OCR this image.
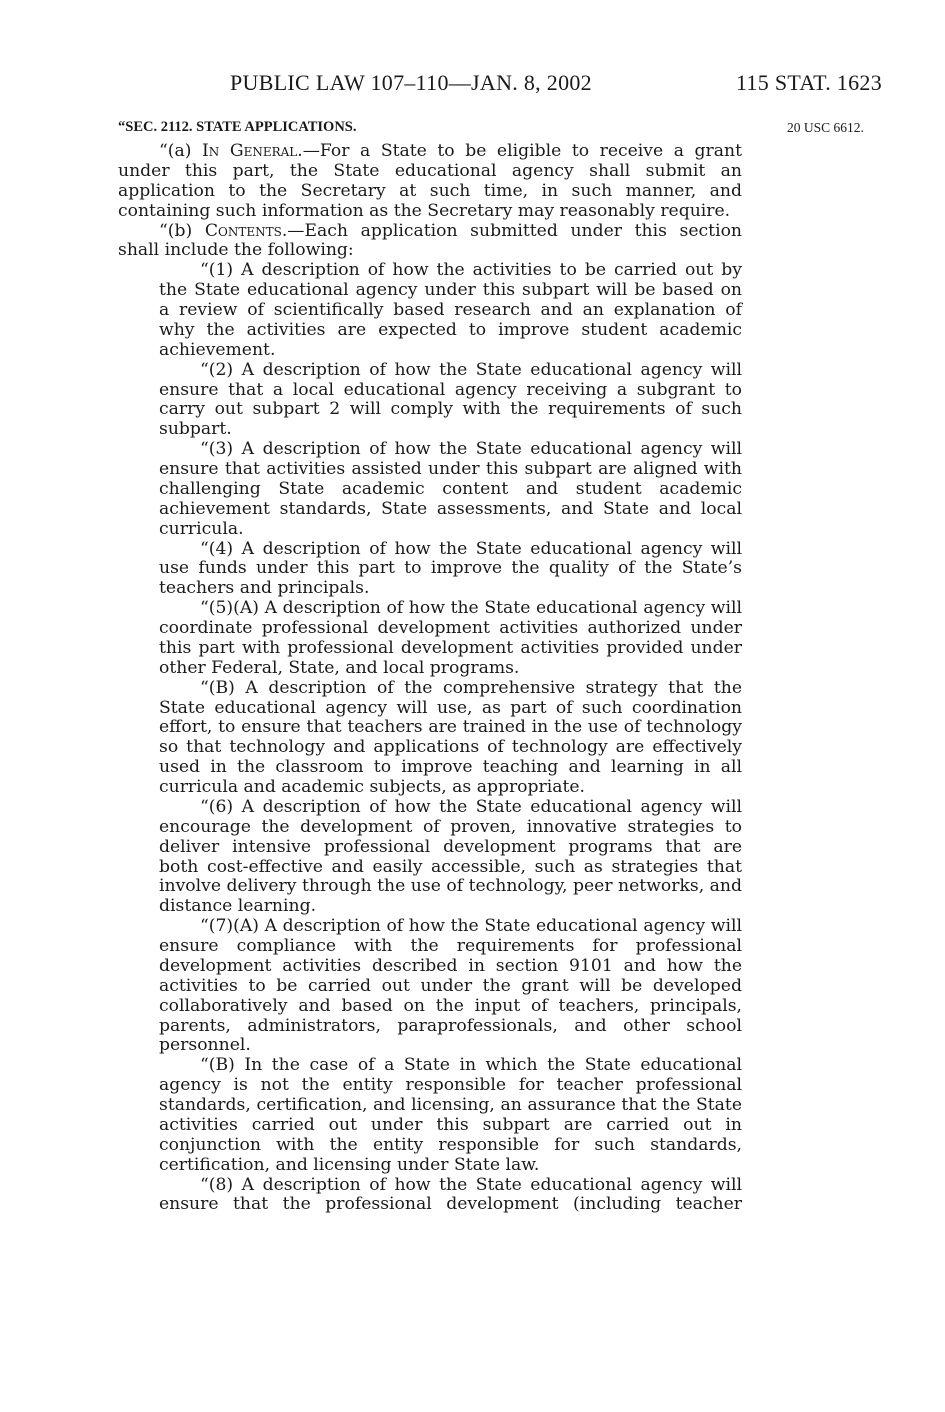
PUBLIC LAW 107–110—JAN. 8, 2002	115 STAT. 1623
“SEC. 2112. STATE APPLICATIONS.	20 USC 6612.

“(a) In General.—For a State to be eligible to receive a grant under this part, the State educational agency shall submit an application to the Secretary at such time, in such manner, and containing such information as the Secretary may reasonably require.

“(b) Contents.—Each application submitted under this section shall include the following:

“(1) A description of how the activities to be carried out by the State educational agency under this subpart will be based on a review of scientifically based research and an explanation of why the activities are expected to improve student academic achievement.

“(2) A description of how the State educational agency will ensure that a local educational agency receiving a subgrant to carry out subpart 2 will comply with the requirements of such subpart.

“(3) A description of how the State educational agency will ensure that activities assisted under this subpart are aligned with challenging State academic content and student academic achievement standards, State assessments, and State and local curricula.

“(4) A description of how the State educational agency will use funds under this part to improve the quality of the State’s teachers and principals.

“(5)(A) A description of how the State educational agency will coordinate professional development activities authorized under this part with professional development activities provided under other Federal, State, and local programs.

“(B) A description of the comprehensive strategy that the State educational agency will use, as part of such coordination effort, to ensure that teachers are trained in the use of technology so that technology and applications of technology are effectively used in the classroom to improve teaching and learning in all curricula and academic subjects, as appropriate.

“(6) A description of how the State educational agency will encourage the development of proven, innovative strategies to deliver intensive professional development programs that are both cost-effective and easily accessible, such as strategies that involve delivery through the use of technology, peer networks, and distance learning.

“(7)(A) A description of how the State educational agency will ensure compliance with the requirements for professional development activities described in section 9101 and how the activities to be carried out under the grant will be developed collaboratively and based on the input of teachers, principals, parents, administrators, paraprofessionals, and other school personnel.

“(B) In the case of a State in which the State educational agency is not the entity responsible for teacher professional standards, certification, and licensing, an assurance that the State activities carried out under this subpart are carried out in conjunction with the entity responsible for such standards, certification, and licensing under State law.

“(8) A description of how the State educational agency will ensure that the professional development (including teacher
